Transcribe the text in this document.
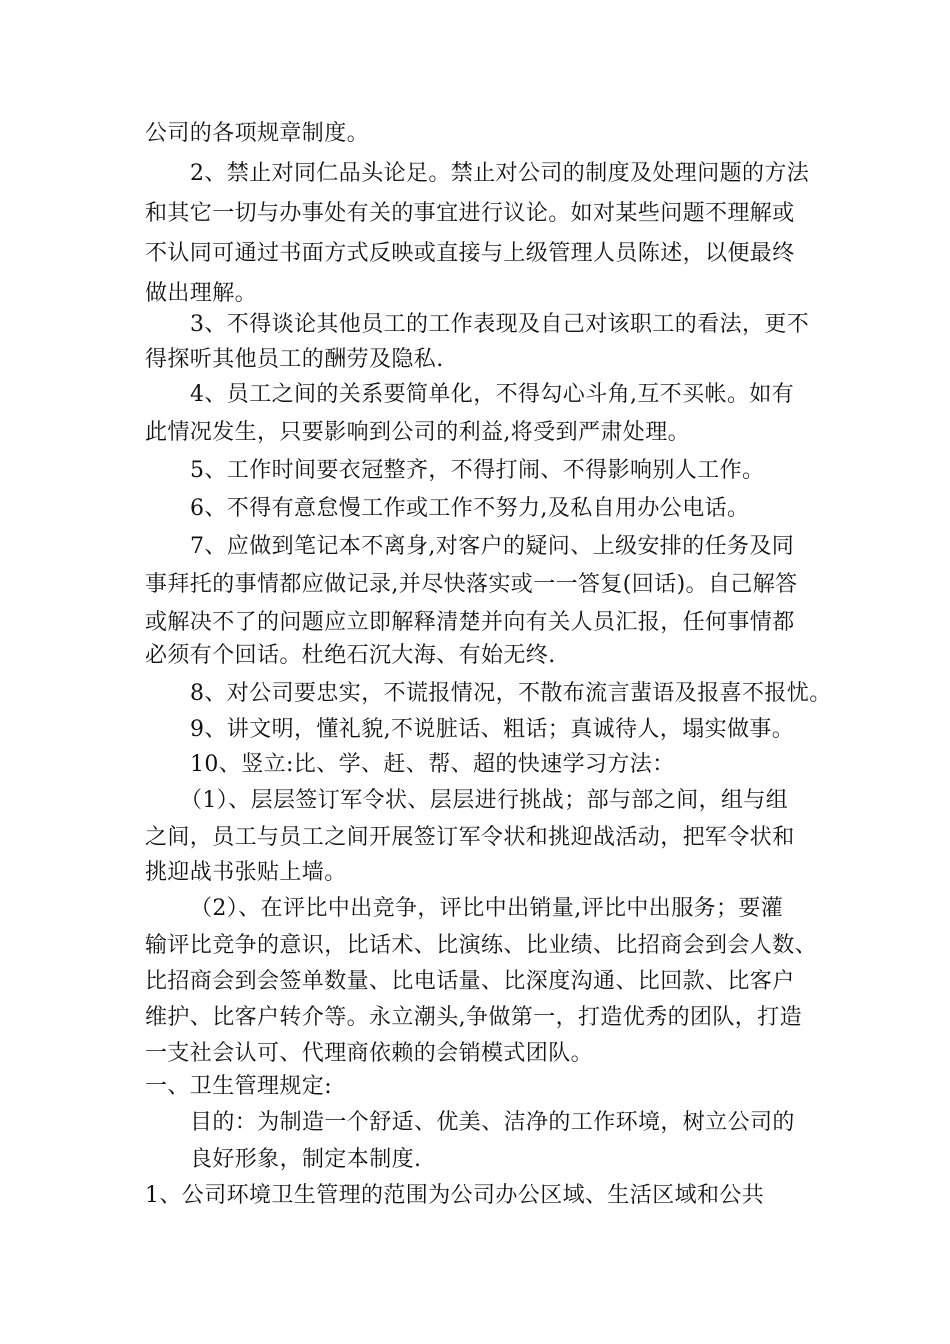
公司的各项规章制度。
2、禁止对同仁品头论足。禁止对公司的制度及处理问题的方法
和其它一切与办事处有关的事宜进行议论。如对某些问题不理解或
不认同可通过书面方式反映或直接与上级管理人员陈述，以便最终
做出理解。
3、不得谈论其他员工的工作表现及自己对该职工的看法，更不
得探听其他员工的酬劳及隐私.
4、员工之间的关系要简单化，不得勾心斗角,互不买帐。如有
此情况发生，只要影响到公司的利益,将受到严肃处理。
5、工作时间要衣冠整齐，不得打闹、不得影响别人工作。
6、不得有意怠慢工作或工作不努力,及私自用办公电话。
7、应做到笔记本不离身,对客户的疑问、上级安排的任务及同
事拜托的事情都应做记录,并尽快落实或一一答复(回话)。自己解答
或解决不了的问题应立即解释清楚并向有关人员汇报，任何事情都
必须有个回话。杜绝石沉大海、有始无终.
8、对公司要忠实，不谎报情况，不散布流言蜚语及报喜不报忧。
9、讲文明，懂礼貌,不说脏话、粗话；真诚待人，塌实做事。
10、竖立:比、学、赶、帮、超的快速学习方法：
（1）、层层签订军令状、层层进行挑战；部与部之间，组与组
之间，员工与员工之间开展签订军令状和挑迎战活动，把军令状和
挑迎战书张贴上墙。
（2）、在评比中出竞争，评比中出销量,评比中出服务；要灌
输评比竞争的意识，比话术、比演练、比业绩、比招商会到会人数、
比招商会到会签单数量、比电话量、比深度沟通、比回款、比客户
维护、比客户转介等。永立潮头,争做第一，打造优秀的团队，打造
一支社会认可、代理商依赖的会销模式团队。
一、卫生管理规定:
目的：为制造一个舒适、优美、洁净的工作环境，树立公司的
良好形象，制定本制度.
1、公司环境卫生管理的范围为公司办公区域、生活区域和公共
